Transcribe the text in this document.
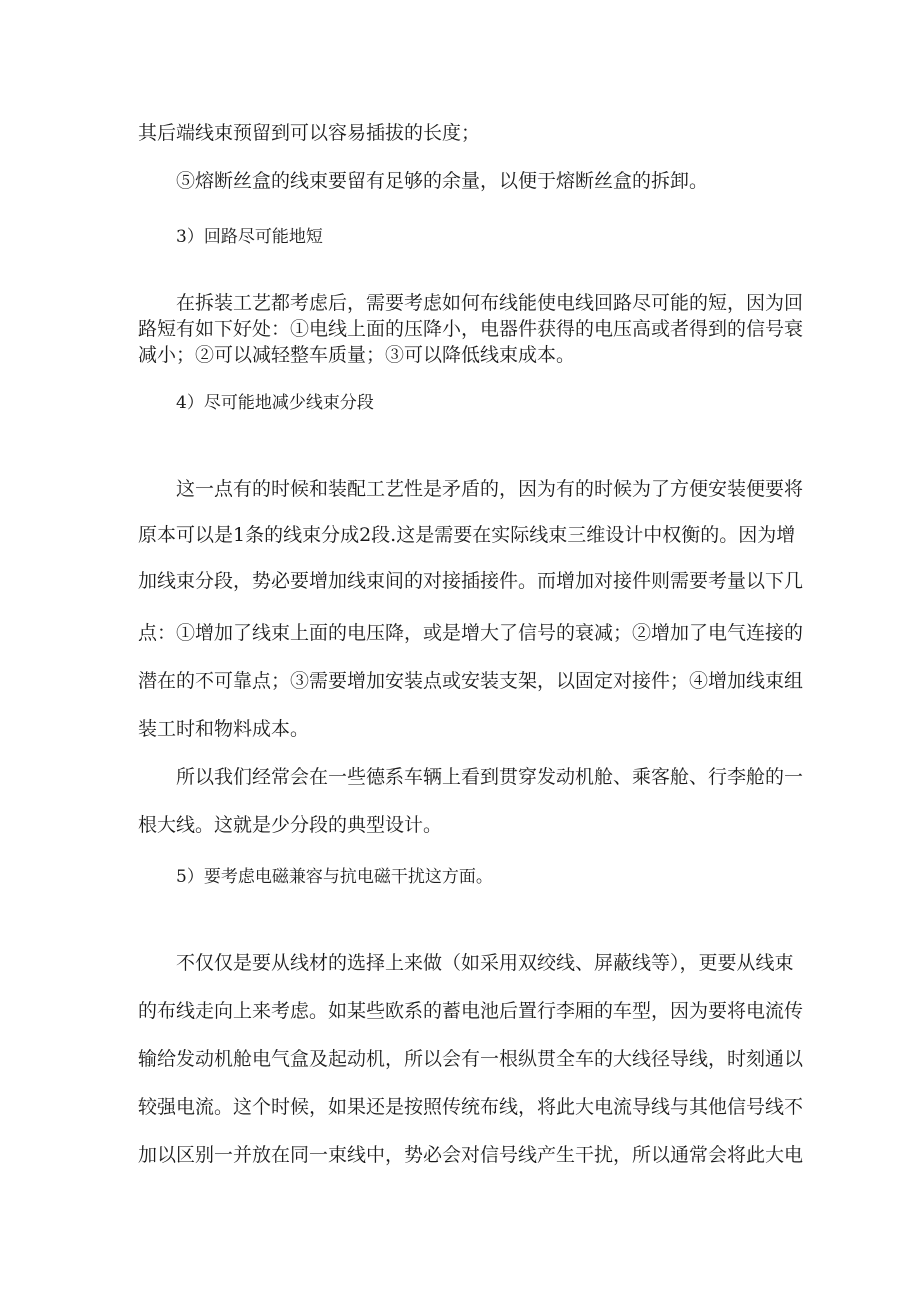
其后端线束预留到可以容易插拔的长度；
⑤熔断丝盒的线束要留有足够的余量，以便于熔断丝盒的拆卸。
3）回路尽可能地短
在拆装工艺都考虑后，需要考虑如何布线能使电线回路尽可能的短，因为回
路短有如下好处：①电线上面的压降小，电器件获得的电压高或者得到的信号衰
减小；②可以减轻整车质量；③可以降低线束成本。
4）尽可能地减少线束分段
这一点有的时候和装配工艺性是矛盾的，因为有的时候为了方便安装便要将
原本可以是1条的线束分成2段.这是需要在实际线束三维设计中权衡的。因为增
加线束分段，势必要增加线束间的对接插接件。而增加对接件则需要考量以下几
点：①增加了线束上面的电压降，或是增大了信号的衰减；②增加了电气连接的
潜在的不可靠点；③需要增加安装点或安装支架，以固定对接件；④增加线束组
装工时和物料成本。
所以我们经常会在一些德系车辆上看到贯穿发动机舱、乘客舱、行李舱的一
根大线。这就是少分段的典型设计。
5）要考虑电磁兼容与抗电磁干扰这方面。
不仅仅是要从线材的选择上来做（如采用双绞线、屏蔽线等），更要从线束
的布线走向上来考虑。如某些欧系的蓄电池后置行李厢的车型，因为要将电流传
输给发动机舱电气盒及起动机，所以会有一根纵贯全车的大线径导线，时刻通以
较强电流。这个时候，如果还是按照传统布线，将此大电流导线与其他信号线不
加以区别一并放在同一束线中，势必会对信号线产生干扰，所以通常会将此大电
